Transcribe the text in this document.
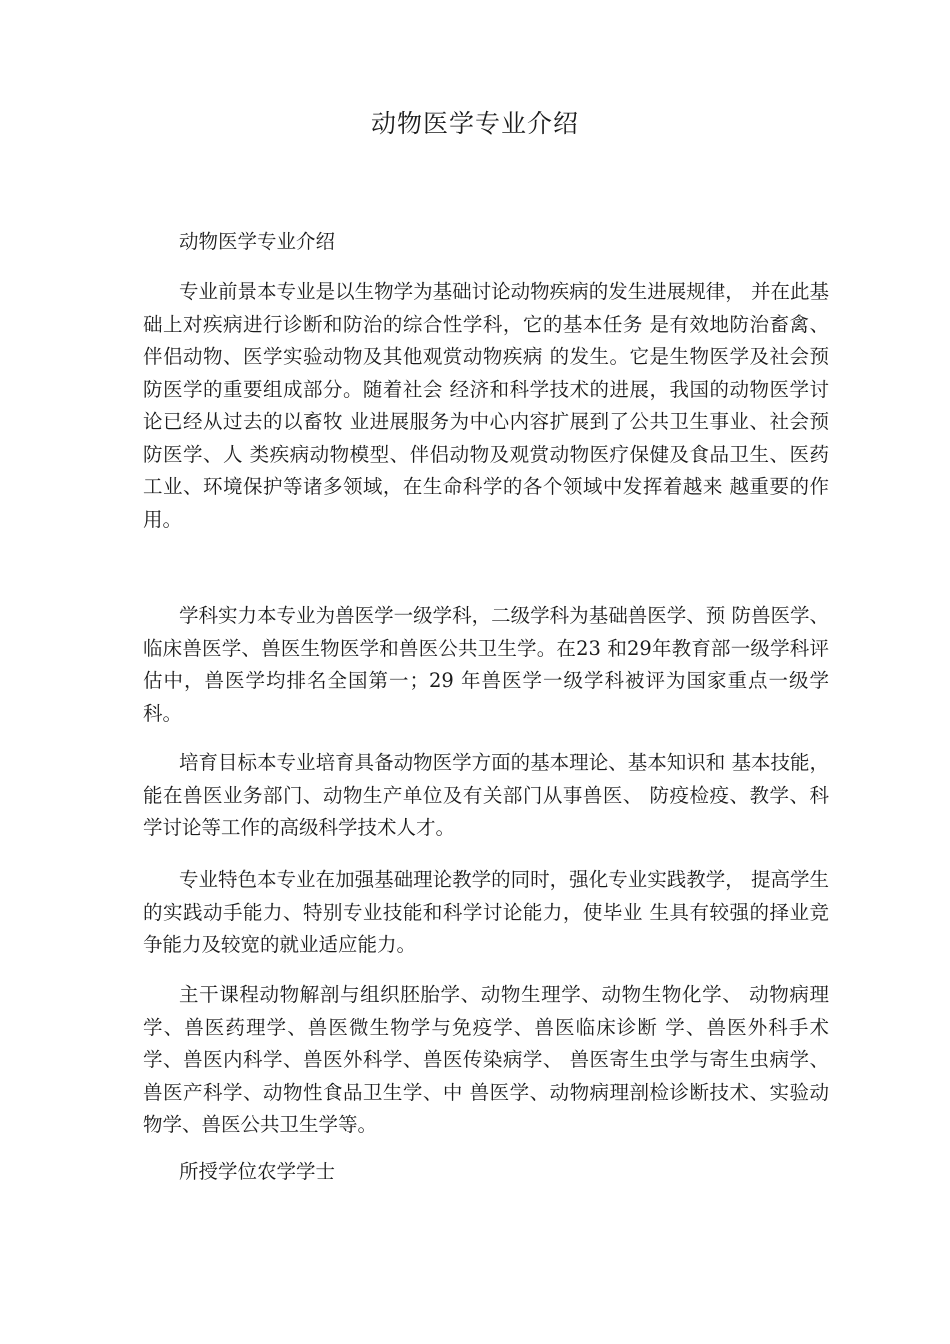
动物医学专业介绍

动物医学专业介绍

专业前景本专业是以生物学为基础讨论动物疾病的发生进展规律， 并在此基础上对疾病进行诊断和防治的综合性学科，它的基本任务 是有效地防治畜禽、伴侣动物、医学实验动物及其他观赏动物疾病 的发生。它是生物医学及社会预防医学的重要组成部分。随着社会 经济和科学技术的进展，我国的动物医学讨论已经从过去的以畜牧 业进展服务为中心内容扩展到了公共卫生事业、社会预防医学、人 类疾病动物模型、伴侣动物及观赏动物医疗保健及食品卫生、医药 工业、环境保护等诸多领域，在生命科学的各个领域中发挥着越来 越重要的作用。

学科实力本专业为兽医学一级学科，二级学科为基础兽医学、预 防兽医学、临床兽医学、兽医生物医学和兽医公共卫生学。在23 和29年教育部一级学科评估中，兽医学均排名全国第一；29 年兽医学一级学科被评为国家重点一级学科。

培育目标本专业培育具备动物医学方面的基本理论、基本知识和 基本技能，能在兽医业务部门、动物生产单位及有关部门从事兽医、 防疫检疫、教学、科学讨论等工作的高级科学技术人才。

专业特色本专业在加强基础理论教学的同时，强化专业实践教学， 提高学生的实践动手能力、特别专业技能和科学讨论能力，使毕业 生具有较强的择业竞争能力及较宽的就业适应能力。

主干课程动物解剖与组织胚胎学、动物生理学、动物生物化学、 动物病理学、兽医药理学、兽医微生物学与免疫学、兽医临床诊断 学、兽医外科手术学、兽医内科学、兽医外科学、兽医传染病学、 兽医寄生虫学与寄生虫病学、兽医产科学、动物性食品卫生学、中 兽医学、动物病理剖检诊断技术、实验动物学、兽医公共卫生学等。

所授学位农学学士
